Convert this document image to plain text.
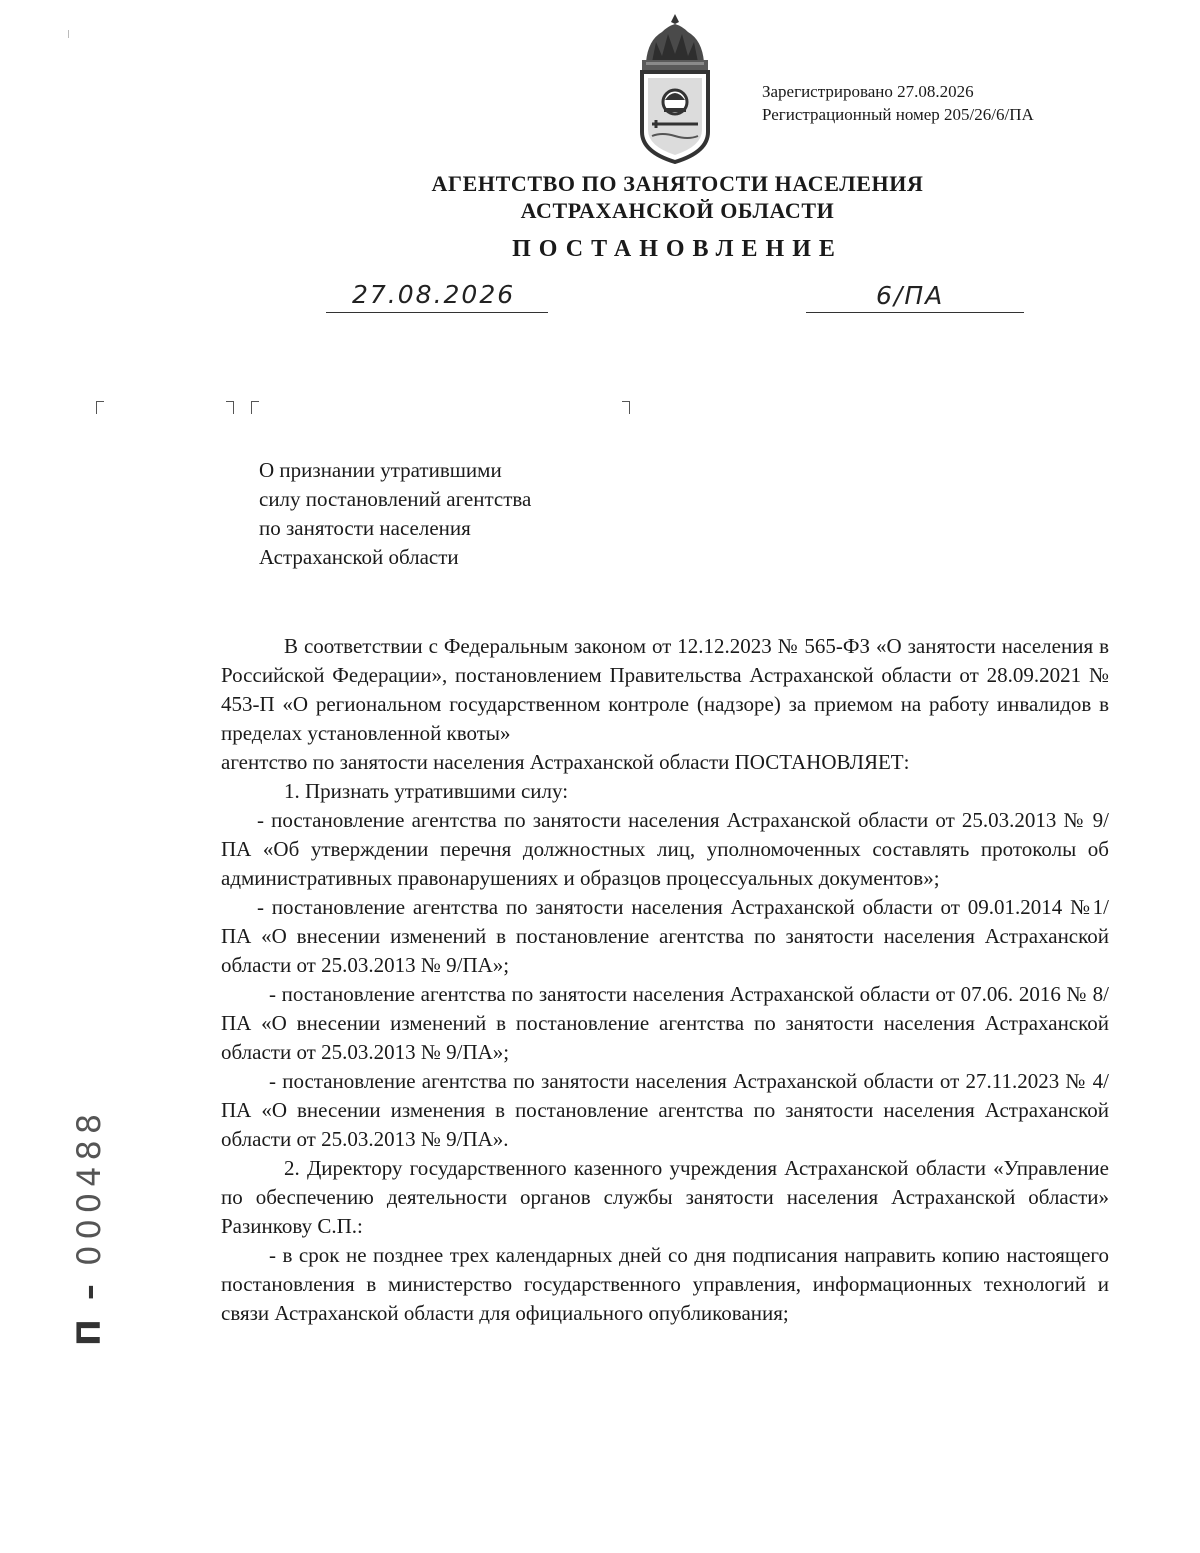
Зарегистрировано 27.08.2026
Регистрационный номер 205/26/6/ПА
АГЕНТСТВО ПО ЗАНЯТОСТИ НАСЕЛЕНИЯ
АСТРАХАНСКОЙ ОБЛАСТИ
ПОСТАНОВЛЕНИЕ
27.08.2026	6/ПА
О признании утратившими
силу постановлений агентства
по занятости населения
Астраханской области

В соответствии с Федеральным законом от 12.12.2023 № 565-ФЗ «О занятости населения в Российской Федерации», постановлением Правительства Астраханской области от 28.09.2021 № 453-П «О региональном государственном контроле (надзоре) за приемом на работу инвалидов в пределах установленной квоты»

агентство по занятости населения Астраханской области ПОСТАНОВЛЯЕТ:

1. Признать утратившими силу:

- постановление агентства по занятости населения Астраханской области от 25.03.2013 № 9/ПА «Об утверждении перечня должностных лиц, уполномоченных составлять протоколы об административных правонарушениях и образцов процессуальных документов»;

- постановление агентства по занятости населения Астраханской области от 09.01.2014 №1/ПА «О внесении изменений в постановление агентства по занятости населения Астраханской области от 25.03.2013 № 9/ПА»;

- постановление агентства по занятости населения Астраханской области от 07.06. 2016 № 8/ПА «О внесении изменений в постановление агентства по занятости населения Астраханской области от 25.03.2013 № 9/ПА»;

- постановление агентства по занятости населения Астраханской области от 27.11.2023 № 4/ПА «О внесении изменения в постановление агентства по занятости населения Астраханской области от 25.03.2013 № 9/ПА».

2. Директору государственного казенного учреждения Астраханской области «Управление по обеспечению деятельности органов службы занятости населения Астраханской области» Разинкову С.П.:

- в срок не позднее трех календарных дней со дня подписания направить копию настоящего постановления в министерство государственного управления, информационных технологий и связи Астраханской области для официального опубликования;

П – 000488
